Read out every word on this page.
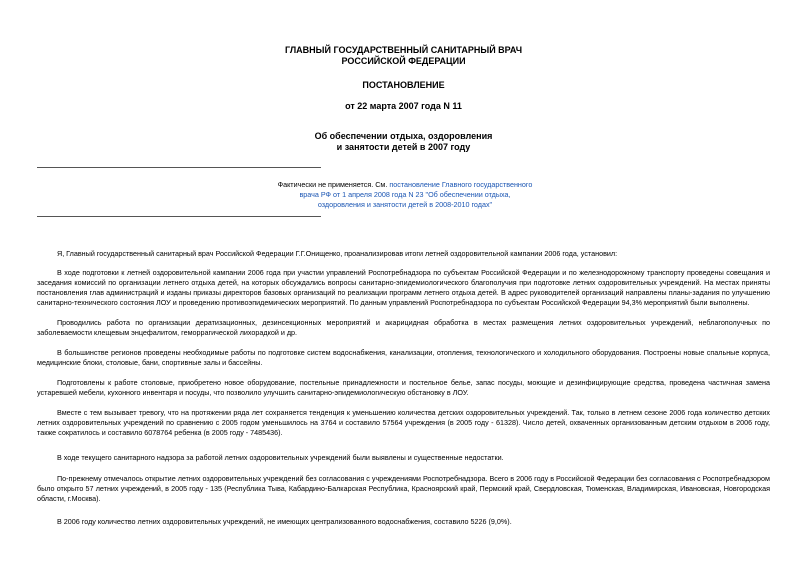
ГЛАВНЫЙ ГОСУДАРСТВЕННЫЙ САНИТАРНЫЙ ВРАЧ
РОССИЙСКОЙ ФЕДЕРАЦИИ
ПОСТАНОВЛЕНИЕ
от 22 марта 2007 года N 11
Об обеспечении отдыха, оздоровления
и занятости детей в 2007 году
Фактически не применяется. См. постановление Главного государственного
врача РФ от 1 апреля 2008 года N 23 "Об обеспечении отдыха,
оздоровления и занятости детей в 2008-2010 годах"
Я, Главный государственный санитарный врач Российской Федерации Г.Г.Онищенко, проанализировав итоги летней оздоровительной кампании 2006 года, установил:
В ходе подготовки к летней оздоровительной кампании 2006 года при участии управлений Роспотребнадзора по субъектам Российской Федерации и по железнодорожному транспорту проведены совещания и заседания комиссий по организации летнего отдыха детей, на которых обсуждались вопросы санитарно-эпидемиологического благополучия при подготовке летних оздоровительных учреждений. На местах приняты постановления глав администраций и изданы приказы директоров базовых организаций по реализации программ летнего отдыха детей. В адрес руководителей организаций направлены планы-задания по улучшению санитарно-технического состояния ЛОУ и проведению противоэпидемических мероприятий. По данным управлений Роспотребнадзора по субъектам Российской Федерации 94,3% мероприятий были выполнены.
Проводились работа по организации дератизационных, дезинсекционных мероприятий и акарицидная обработка в местах размещения летних оздоровительных учреждений, неблагополучных по заболеваемости клещевым энцефалитом, геморрагической лихорадкой и др.
В большинстве регионов проведены необходимые работы по подготовке систем водоснабжения, канализации, отопления, технологического и холодильного оборудования. Построены новые спальные корпуса, медицинские блоки, столовые, бани, спортивные залы и бассейны.
Подготовлены к работе столовые, приобретено новое оборудование, постельные принадлежности и постельное белье, запас посуды, моющие и дезинфицирующие средства, проведена частичная замена устаревшей мебели, кухонного инвентаря и посуды, что позволило улучшить санитарно-эпидемиологическую обстановку в ЛОУ.
Вместе с тем вызывает тревогу, что на протяжении ряда лет сохраняется тенденция к уменьшению количества детских оздоровительных учреждений. Так, только в летнем сезоне 2006 года количество детских летних оздоровительных учреждений по сравнению с 2005 годом уменьшилось на 3764 и составило 57564 учреждения (в 2005 году - 61328). Число детей, охваченных организованным детским отдыхом в 2006 году, также сократилось и составило 6078764 ребенка (в 2005 году - 7485436).
В ходе текущего санитарного надзора за работой летних оздоровительных учреждений были выявлены и существенные недостатки.
По-прежнему отмечалось открытие летних оздоровительных учреждений без согласования с учреждениями Роспотребнадзора. Всего в 2006 году в Российской Федерации без согласования с Роспотребнадзором было открыто 57 летних учреждений, в 2005 году - 135 (Республика Тыва, Кабардино-Балкарская Республика, Красноярский край, Пермский край, Свердловская, Тюменская, Владимирская, Ивановская, Новгородская области, г.Москва).
В 2006 году количество летних оздоровительных учреждений, не имеющих централизованного водоснабжения, составило 5226 (9,0%).
